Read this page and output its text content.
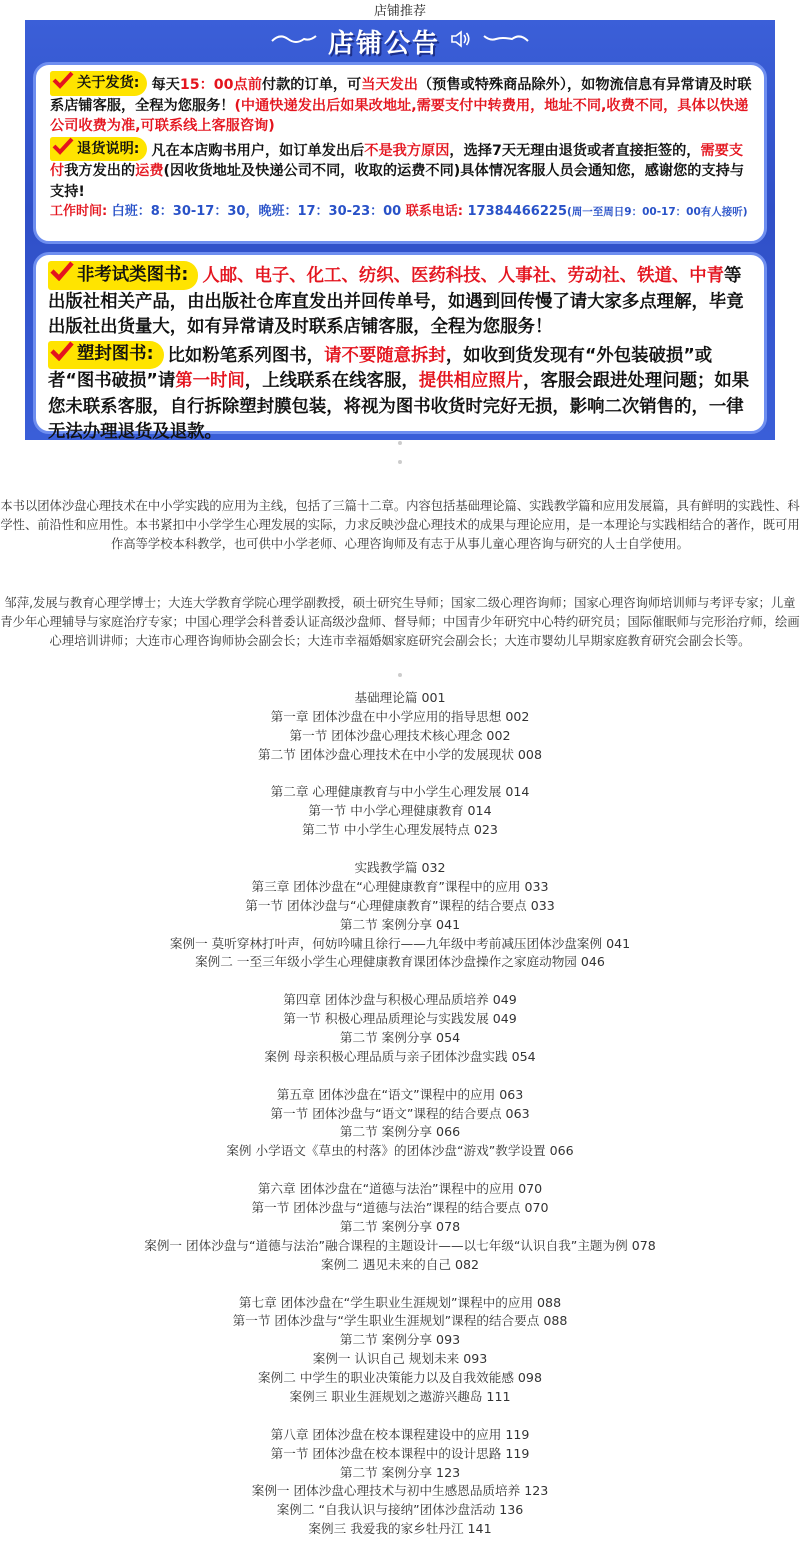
店铺推荐
店铺公告

关于发货: 每天15：00点前付款的订单，可当天发出（预售或特殊商品除外），如物流信息有异常请及时联系店铺客服，全程为您服务！(中通快递发出后如果改地址,需要支付中转费用，地址不同,收费不同，具体以快递公司收费为准,可联系线上客服咨询)

退货说明: 凡在本店购书用户，如订单发出后不是我方原因，选择7天无理由退货或者直接拒签的，需要支付我方发出的运费(因收货地址及快递公司不同，收取的运费不同)具体情况客服人员会通知您，感谢您的支持与支持!

工作时间: 白班：8：30-17：30，晚班：17：30-23：00 联系电话: 17384466225(周一至周日9：00-17：00有人接听)

非考试类图书: 人邮、电子、化工、纺织、医药科技、人事社、劳动社、铁道、中青等出版社相关产品，由出版社仓库直发出并回传单号，如遇到回传慢了请大家多点理解，毕竟出版社出货量大，如有异常请及时联系店铺客服，全程为您服务！

塑封图书: 比如粉笔系列图书，请不要随意拆封，如收到货发现有“外包装破损”或者“图书破损”请第一时间，上线联系在线客服，提供相应照片，客服会跟进处理问题；如果您未联系客服，自行拆除塑封膜包装，将视为图书收货时完好无损，影响二次销售的，一律无法办理退货及退款。

本书以团体沙盘心理技术在中小学实践的应用为主线，包括了三篇十二章。内容包括基础理论篇、实践教学篇和应用发展篇，具有鲜明的实践性、科学性、前沿性和应用性。本书紧扣中小学学生心理发展的实际，力求反映沙盘心理技术的成果与理论应用，是一本理论与实践相结合的著作，既可用作高等学校本科教学，也可供中小学老师、心理咨询师及有志于从事儿童心理咨询与研究的人士自学使用。

邹萍,发展与教育心理学博士；大连大学教育学院心理学副教授，硕士研究生导师；国家二级心理咨询师；国家心理咨询师培训师与考评专家；儿童青少年心理辅导与家庭治疗专家；中国心理学会科普委认证高级沙盘师、督导师；中国青少年研究中心特约研究员；国际催眠师与完形治疗师，绘画心理培训讲师；大连市心理咨询师协会副会长；大连市幸福婚姻家庭研究会副会长；大连市婴幼儿早期家庭教育研究会副会长等。

基础理论篇 001
第一章 团体沙盘在中小学应用的指导思想 002
第一节 团体沙盘心理技术核心理念 002
第二节 团体沙盘心理技术在中小学的发展现状 008
第二章 心理健康教育与中小学生心理发展 014
第一节 中小学心理健康教育 014
第二节 中小学生心理发展特点 023
实践教学篇 032
第三章 团体沙盘在“心理健康教育”课程中的应用 033
第一节 团体沙盘与“心理健康教育”课程的结合要点 033
第二节 案例分享 041
案例一 莫听穿林打叶声，何妨吟啸且徐行——九年级中考前减压团体沙盘案例 041
案例二 一至三年级小学生心理健康教育课团体沙盘操作之家庭动物园 046
第四章 团体沙盘与积极心理品质培养 049
第一节 积极心理品质理论与实践发展 049
第二节 案例分享 054
案例 母亲积极心理品质与亲子团体沙盘实践 054
第五章 团体沙盘在“语文”课程中的应用 063
第一节 团体沙盘与“语文”课程的结合要点 063
第二节 案例分享 066
案例 小学语文《草虫的村落》的团体沙盘“游戏”教学设置 066
第六章 团体沙盘在“道德与法治”课程中的应用 070
第一节 团体沙盘与“道德与法治”课程的结合要点 070
第二节 案例分享 078
案例一 团体沙盘与“道德与法治”融合课程的主题设计——以七年级“认识自我”主题为例 078
案例二 遇见未来的自己 082
第七章 团体沙盘在“学生职业生涯规划”课程中的应用 088
第一节 团体沙盘与“学生职业生涯规划”课程的结合要点 088
第二节 案例分享 093
案例一 认识自己 规划未来 093
案例二 中学生的职业决策能力以及自我效能感 098
案例三 职业生涯规划之遨游兴趣岛 111
第八章 团体沙盘在校本课程建设中的应用 119
第一节 团体沙盘在校本课程中的设计思路 119
第二节 案例分享 123
案例一 团体沙盘心理技术与初中生感恩品质培养 123
案例二 “自我认识与接纳”团体沙盘活动 136
案例三 我爱我的家乡牡丹江 141
